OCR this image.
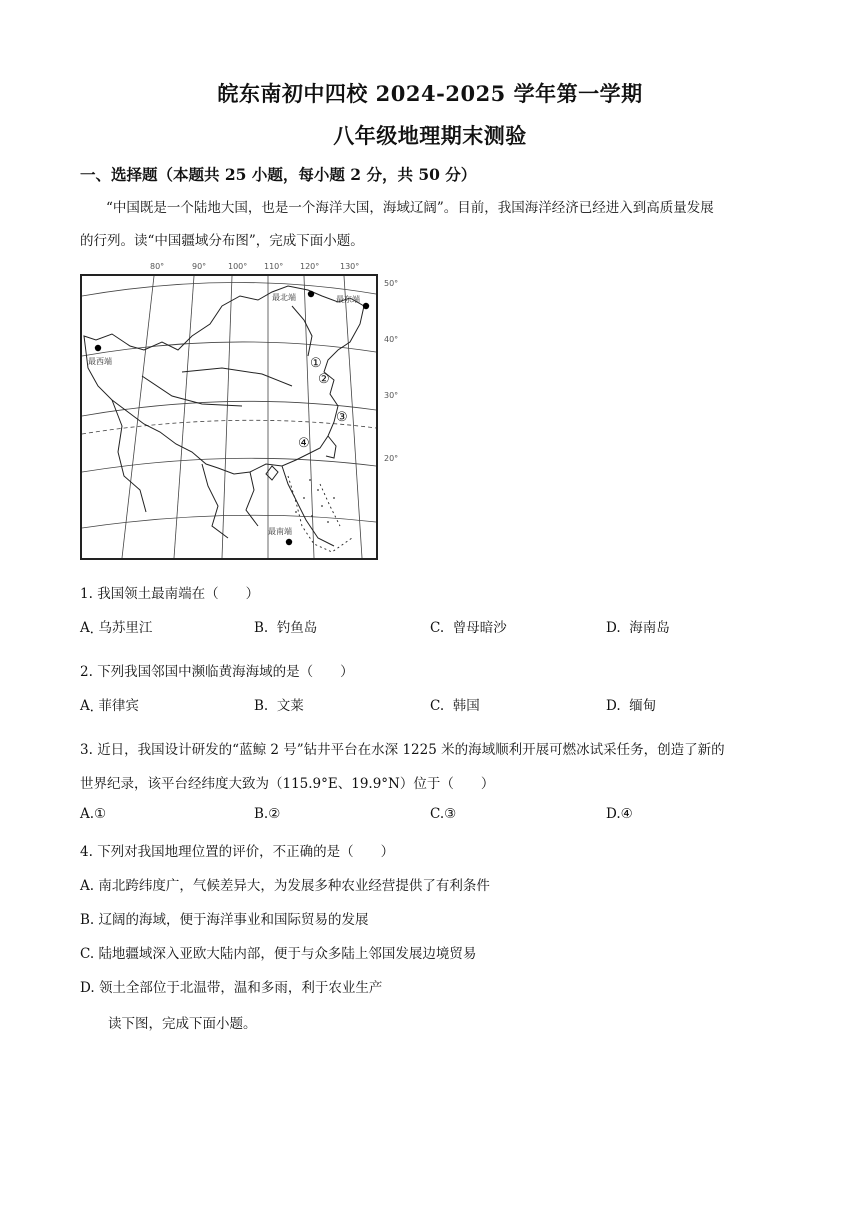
皖东南初中四校 2024-2025 学年第一学期
八年级地理期末测验
一、选择题（本题共 25 小题，每小题 2 分，共 50 分）
“中国既是一个陆地大国，也是一个海洋大国，海域辽阔”。目前，我国海洋经济已经进入到高质量发展
的行列。读“中国疆域分布图”，完成下面小题。
80°	90°	100° 110° 120°	130°
50°
40°
30°
20°
最北端	最东端
最西端
最南端
①
②
③
④
1. 我国领土最南端在（　　）
A • 乌苏里江	B. 钓鱼岛	C. 曾母暗沙	D. 海南岛
2. 下列我国邻国中濒临黄海海域的是（　　）
A • 菲律宾	B. 文莱	C. 韩国	D. 缅甸
3. 近日，我国设计研发的“蓝鲸 2 号”钻井平台在水深 1225 米的海域顺利开展可燃冰试采任务，创造了新的
世界纪录，该平台经纬度大致为（115.9°E、19.9°N）位于（　　）
A.①	B.②	C.③	D.④
4. 下列对我国地理位置的评价，不正确的是（　　）
A. 南北跨纬度广，气候差异大，为发展多种农业经营提供了有利条件
B. 辽阔的海域，便于海洋事业和国际贸易的发展
C. 陆地疆域深入亚欧大陆内部，便于与众多陆上邻国发展边境贸易
D. 领土全部位于北温带，温和多雨，利于农业生产
读下图，完成下面小题。
